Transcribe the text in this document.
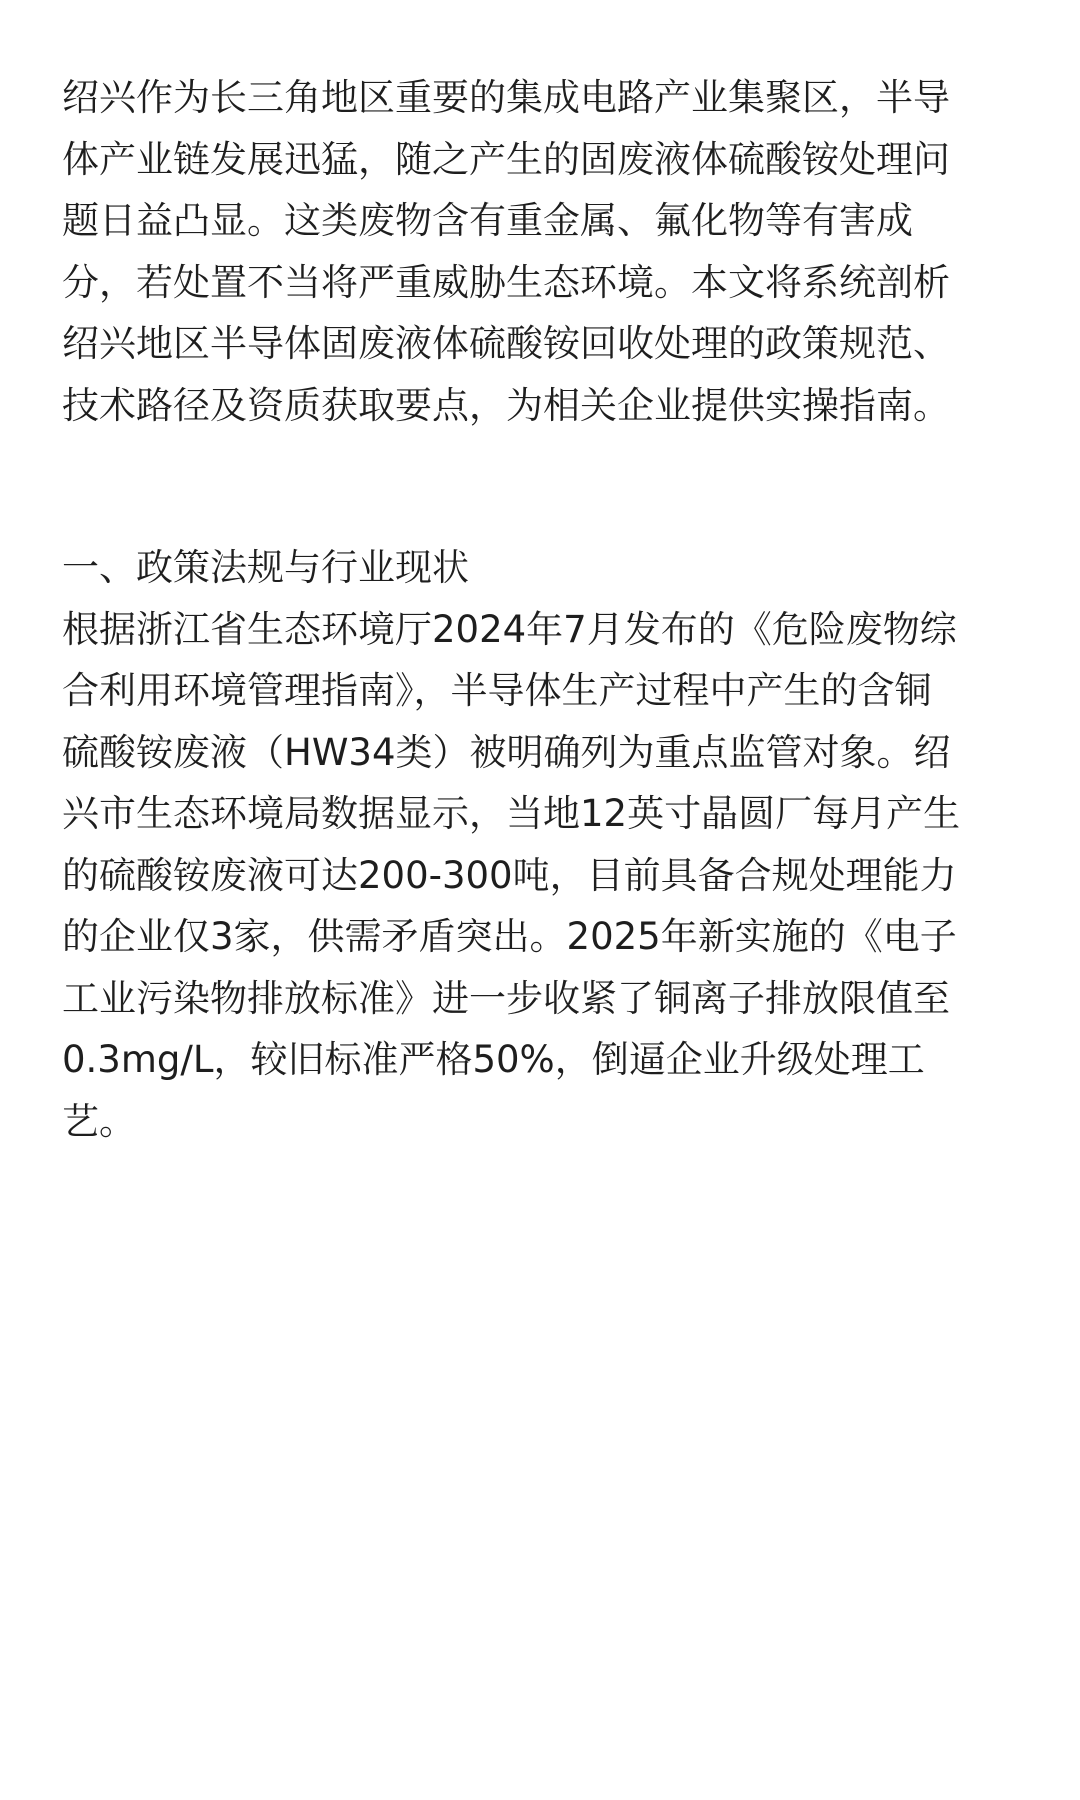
绍兴作为长三角地区重要的集成电路产业集聚区，半导
体产业链发展迅猛，随之产生的固废液体硫酸铵处理问
题日益凸显。这类废物含有重金属、氟化物等有害成
分，若处置不当将严重威胁生态环境。本文将系统剖析
绍兴地区半导体固废液体硫酸铵回收处理的政策规范、
技术路径及资质获取要点，为相关企业提供实操指南。
一、政策法规与行业现状
根据浙江省生态环境厅2024年7月发布的《危险废物综
合利用环境管理指南》，半导体生产过程中产生的含铜
硫酸铵废液（HW34类）被明确列为重点监管对象。绍
兴市生态环境局数据显示，当地12英寸晶圆厂每月产生
的硫酸铵废液可达200-300吨，目前具备合规处理能力
的企业仅3家，供需矛盾突出。2025年新实施的《电子
工业污染物排放标准》进一步收紧了铜离子排放限值至
0.3mg/L，较旧标准严格50%，倒逼企业升级处理工
艺。
